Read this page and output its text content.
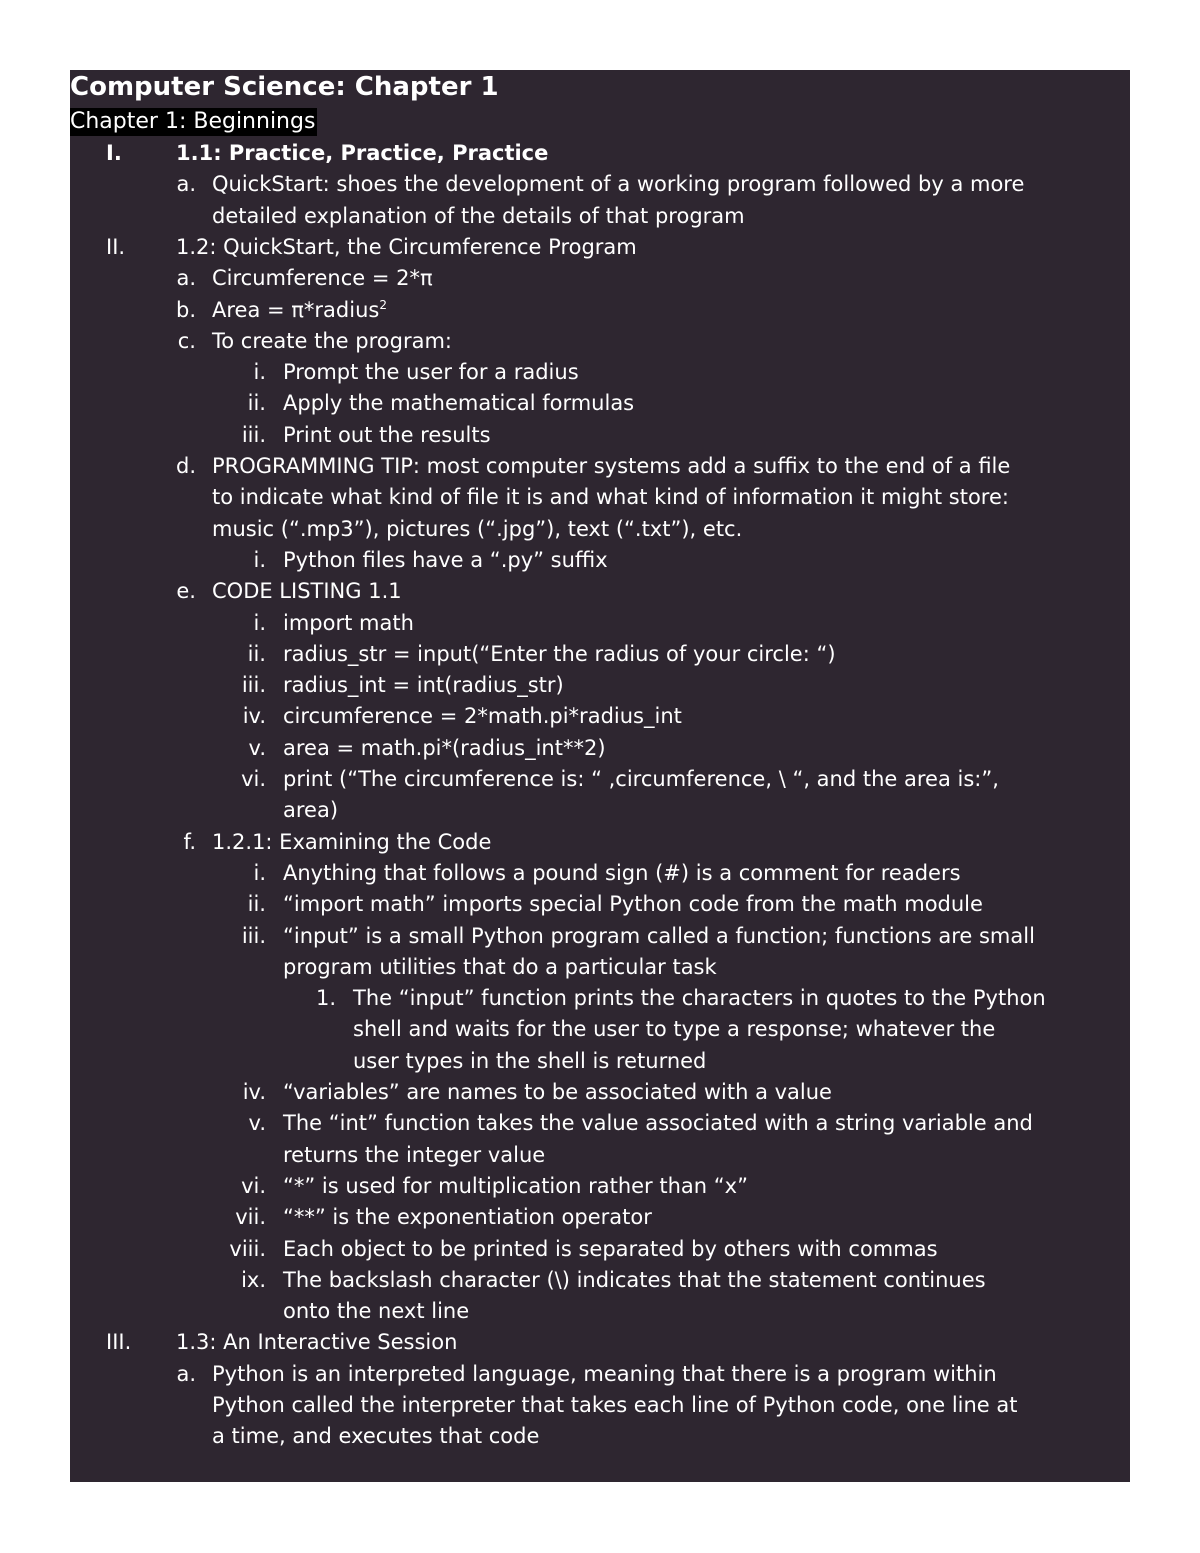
Computer Science: Chapter 1
Chapter 1: Beginnings
I.	1.1: Practice, Practice, Practice
a. QuickStart: shoes the development of a working program followed by a more
detailed explanation of the details of that program
II. 1.2: QuickStart, the Circumference Program
a. Circumference = 2*π
b. Area = π*radius$^2$
c. To create the program:
i. Prompt the user for a radius
ii. Apply the mathematical formulas
iii. Print out the results
d. PROGRAMMING TIP: most computer systems add a suffix to the end of a file
to indicate what kind of file it is and what kind of information it might store:
music (“.mp3”), pictures (“.jpg”), text (“.txt”), etc.
i. Python files have a “.py” suffix
e. CODE LISTING 1.1
i. import math
ii. radius_str = input(“Enter the radius of your circle: “)
iii. radius_int = int(radius_str)
iv. circumference = 2*math.pi*radius_int
v. area = math.pi*(radius_int**2)
vi. print (“The circumference is: “ ,circumference, \ “, and the area is:”,
area)
f. 1.2.1: Examining the Code
i. Anything that follows a pound sign (#) is a comment for readers
ii. “import math” imports special Python code from the math module
iii. “input” is a small Python program called a function; functions are small
program utilities that do a particular task
1. The “input” function prints the characters in quotes to the Python
shell and waits for the user to type a response; whatever the
user types in the shell is returned
iv. “variables” are names to be associated with a value
v. The “int” function takes the value associated with a string variable and
returns the integer value
vi. “*” is used for multiplication rather than “x”
vii. “**” is the exponentiation operator
viii. Each object to be printed is separated by others with commas
ix. The backslash character (\) indicates that the statement continues
onto the next line
III. 1.3: An Interactive Session
a. Python is an interpreted language, meaning that there is a program within
Python called the interpreter that takes each line of Python code, one line at
a time, and executes that code
